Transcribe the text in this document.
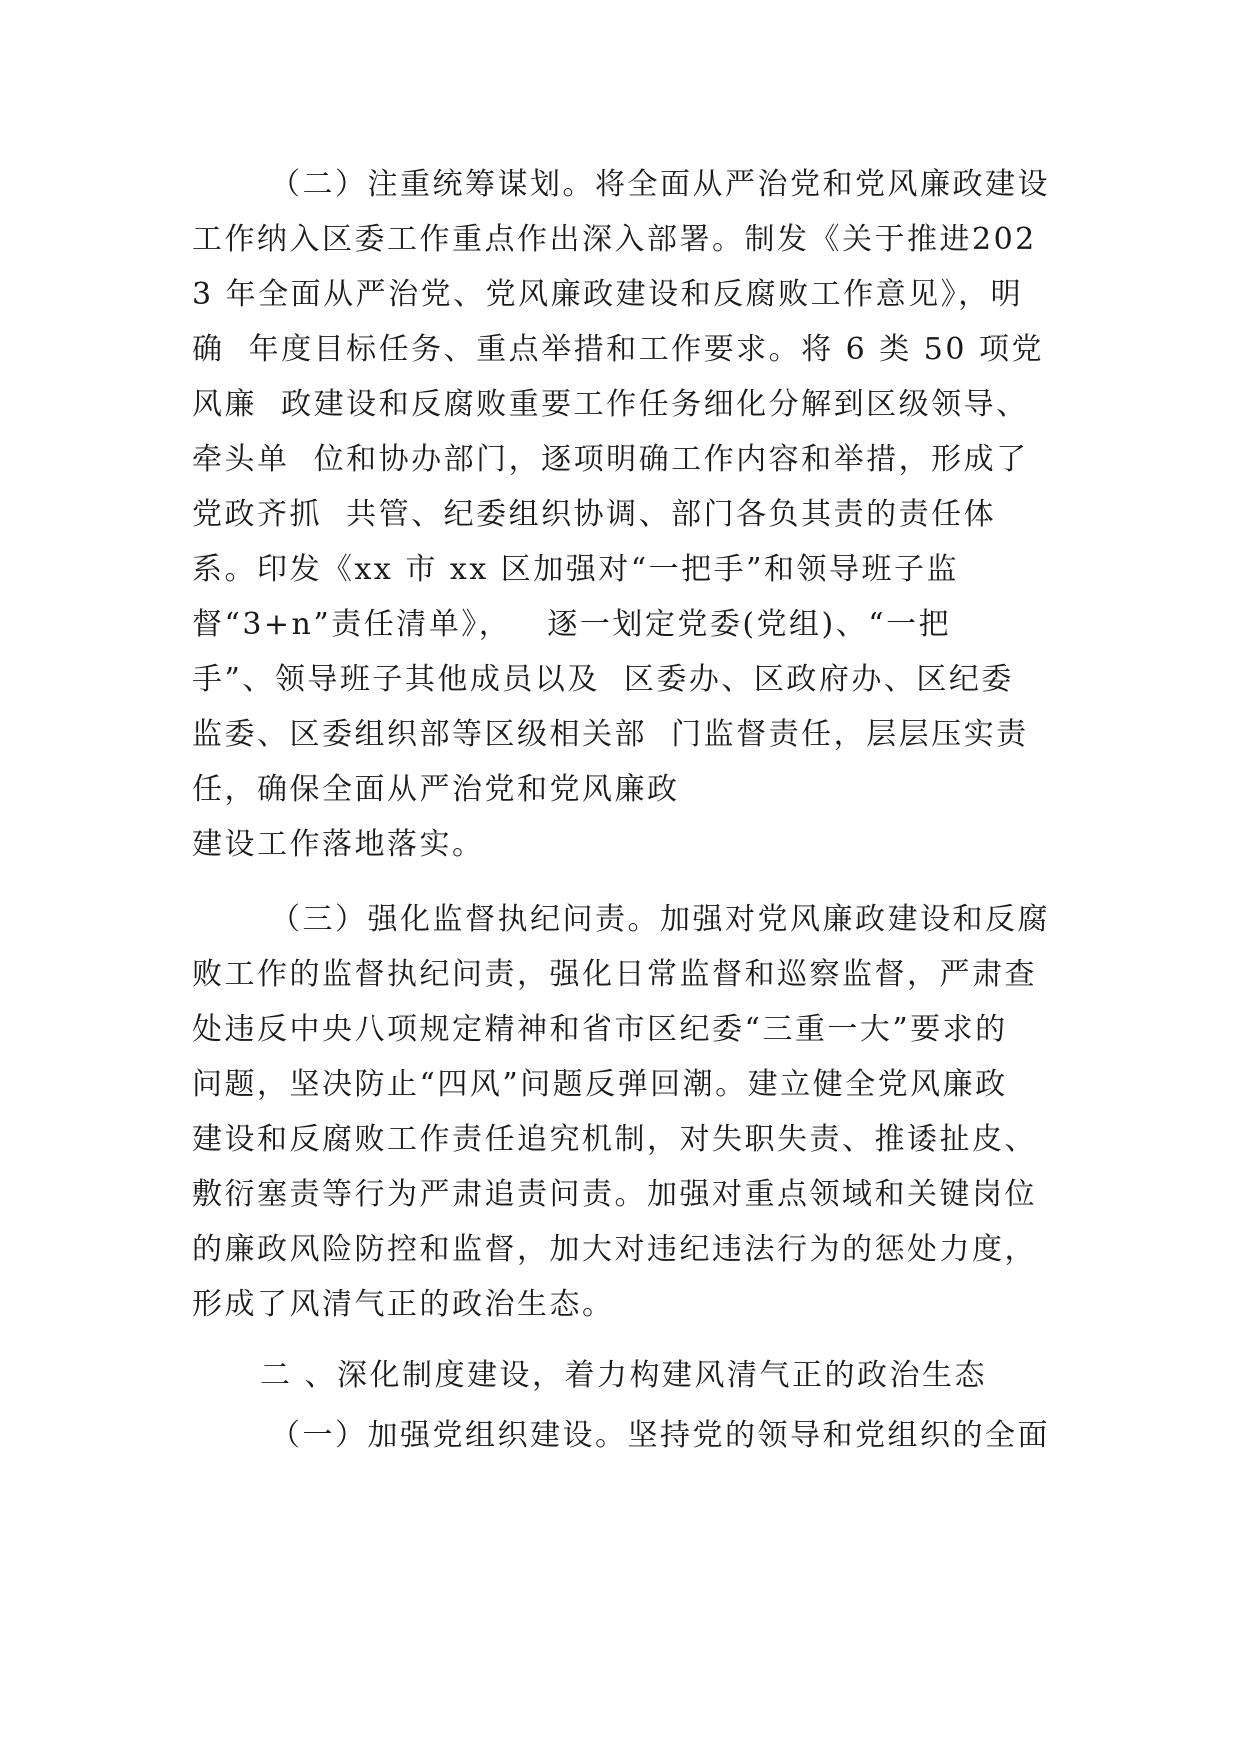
（二）注重统筹谋划。将全面从严治党和党风廉政建设
工作纳入区委工作重点作出深入部署。制发《关于推进202
3 年全面从严治党、党风廉政建设和反腐败工作意见》，明
确  年度目标任务、重点举措和工作要求。将 6 类 50 项党
风廉  政建设和反腐败重要工作任务细化分解到区级领导、
牵头单  位和协办部门，逐项明确工作内容和举措，形成了
党政齐抓  共管、纪委组织协调、部门各负其责的责任体
系。印发《xx 市 xx 区加强对“一把手”和领导班子监
督“3+n”责任清单》，   逐一划定党委(党组)、“一把
手”、领导班子其他成员以及  区委办、区政府办、区纪委
监委、区委组织部等区级相关部  门监督责任，层层压实责
任，确保全面从严治党和党风廉政
建设工作落地落实。
（三）强化监督执纪问责。加强对党风廉政建设和反腐
败工作的监督执纪问责，强化日常监督和巡察监督，严肃查
处违反中央八项规定精神和省市区纪委“三重一大”要求的
问题，坚决防止“四风”问题反弹回潮。建立健全党风廉政
建设和反腐败工作责任追究机制，对失职失责、推诿扯皮、
敷衍塞责等行为严肃追责问责。加强对重点领域和关键岗位
的廉政风险防控和监督，加大对违纪违法行为的惩处力度，
形成了风清气正的政治生态。
二 、深化制度建设，着力构建风清气正的政治生态
（一）加强党组织建设。坚持党的领导和党组织的全面
